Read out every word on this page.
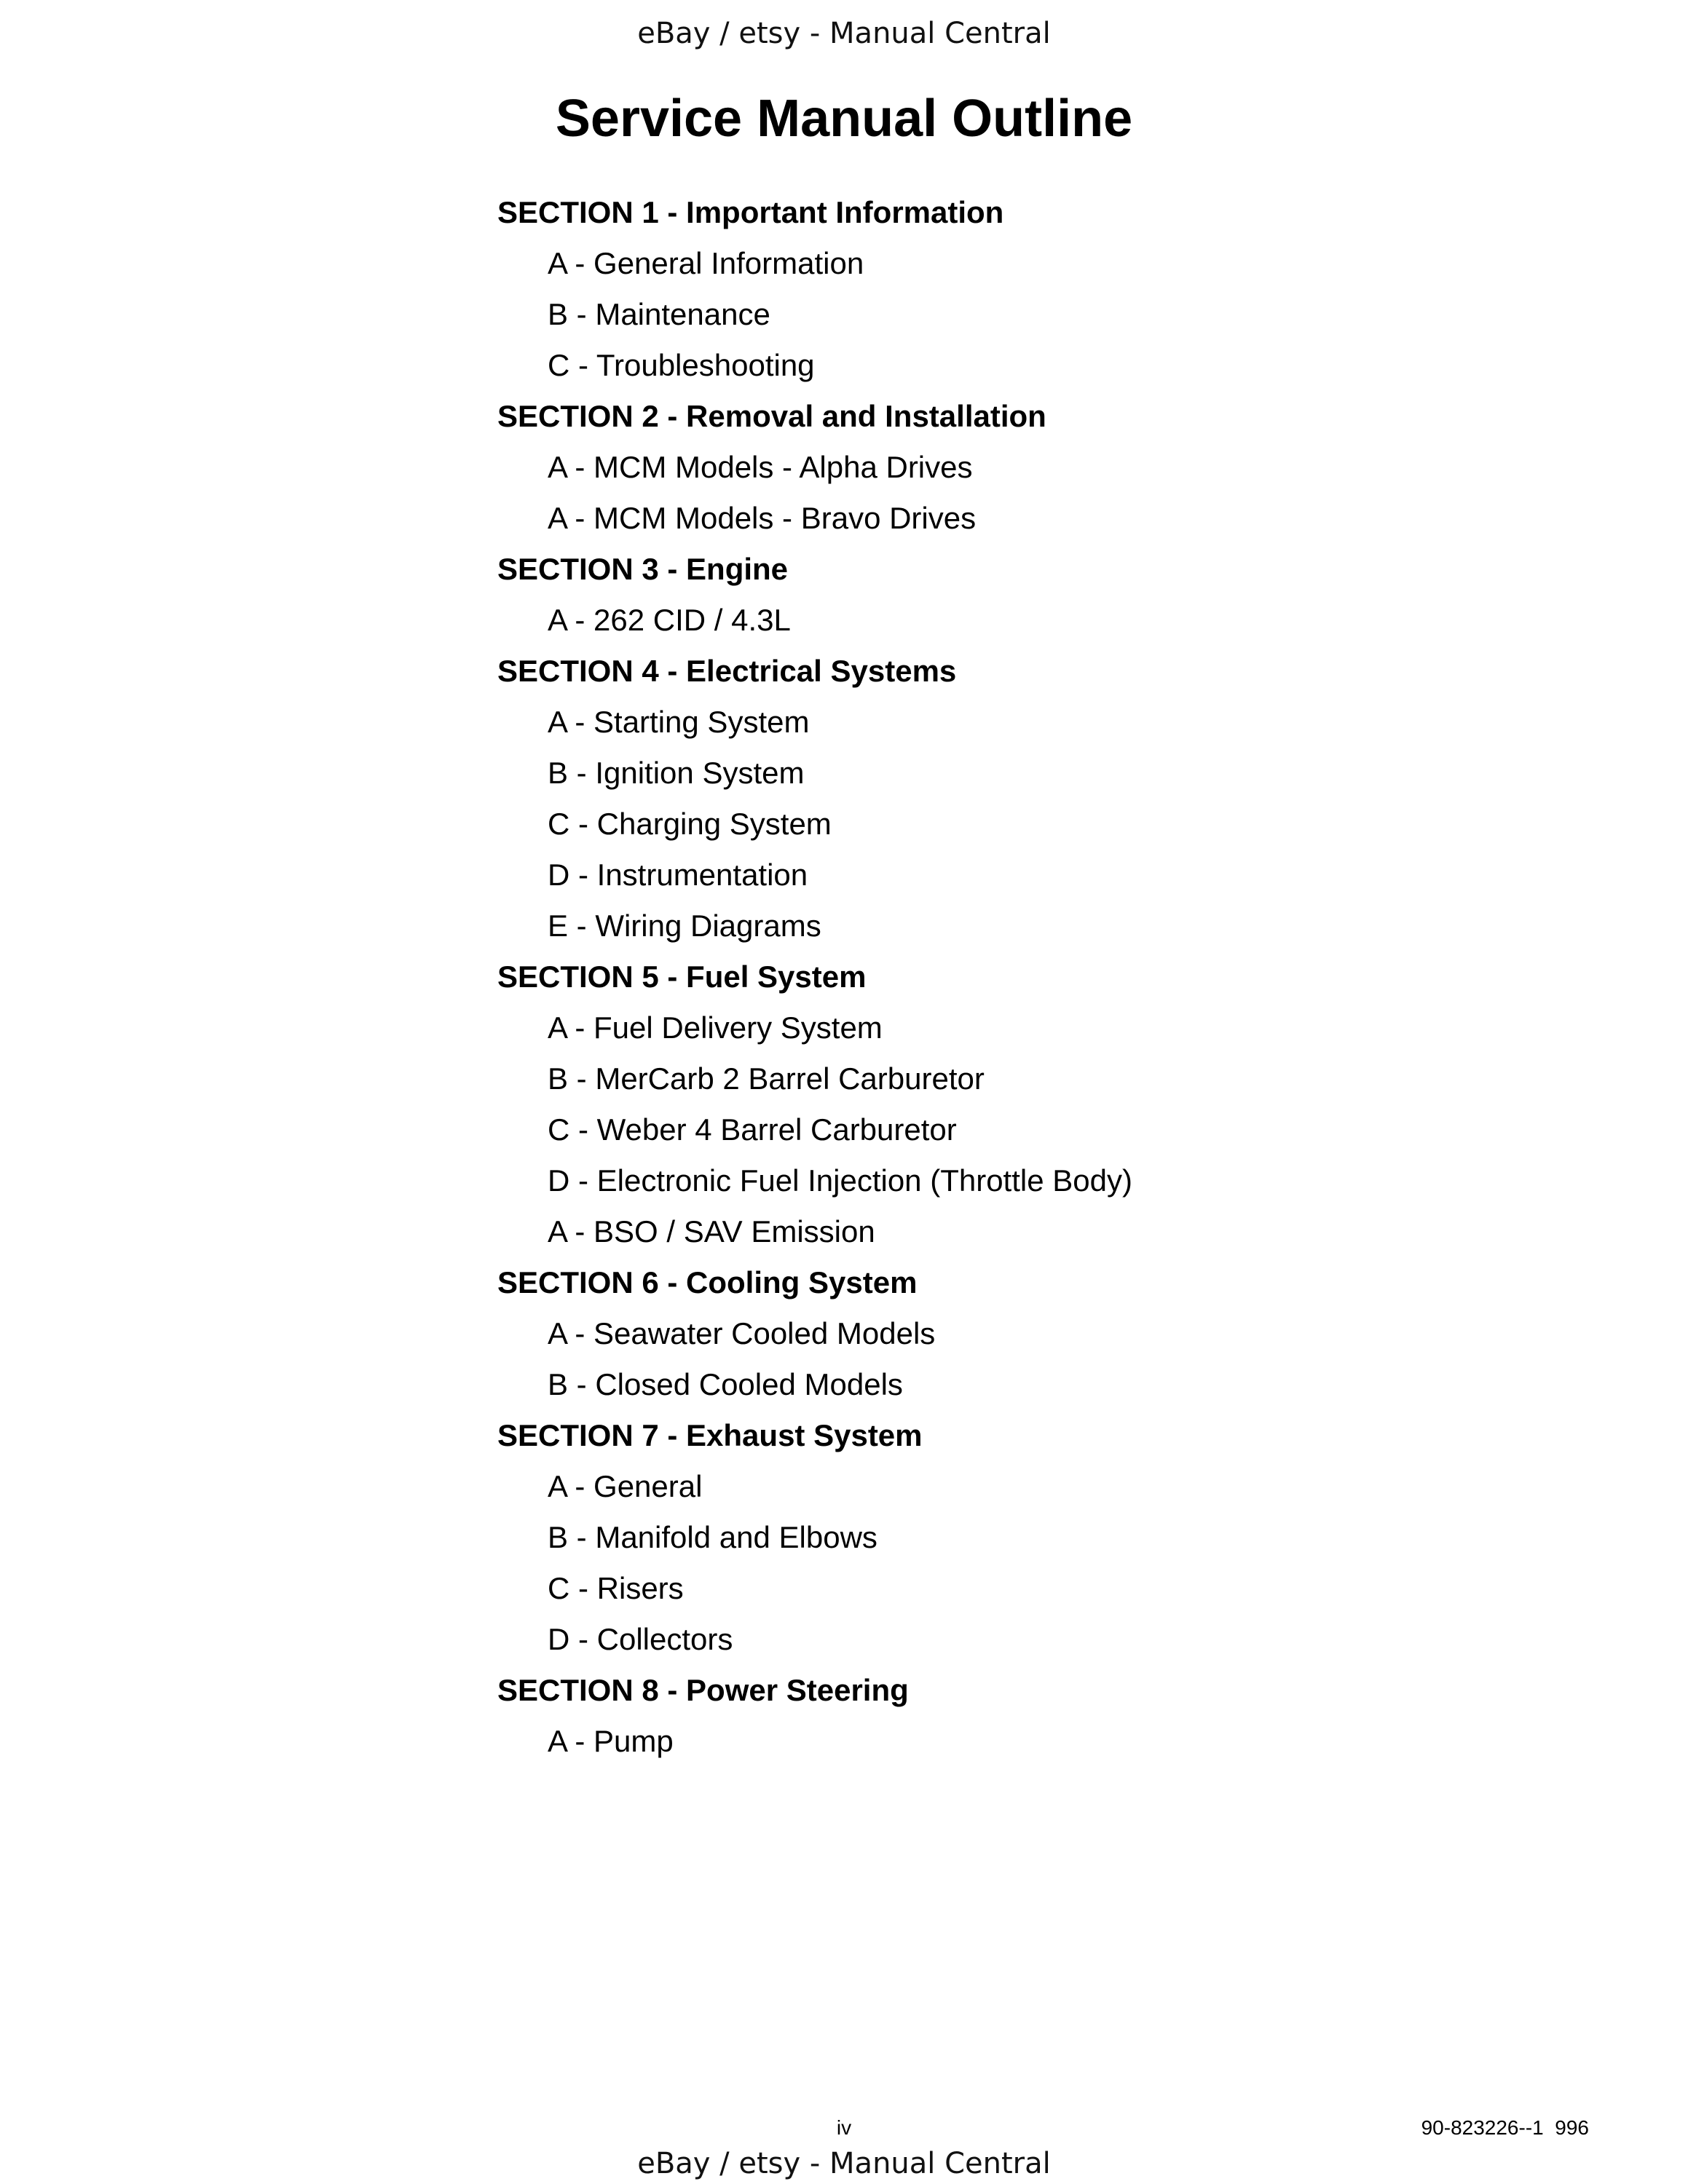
eBay / etsy - Manual Central
Service Manual Outline
SECTION 1 - Important Information
A - General Information
B - Maintenance
C - Troubleshooting
SECTION 2 - Removal and Installation
A - MCM Models - Alpha Drives
A - MCM Models - Bravo Drives
SECTION 3 - Engine
A - 262 CID / 4.3L
SECTION 4 - Electrical Systems
A - Starting System
B - Ignition System
C - Charging System
D - Instrumentation
E - Wiring Diagrams
SECTION 5 - Fuel System
A - Fuel Delivery System
B - MerCarb 2 Barrel Carburetor
C - Weber 4 Barrel Carburetor
D - Electronic Fuel Injection (Throttle Body)
A - BSO / SAV Emission
SECTION 6 - Cooling System
A - Seawater Cooled Models
B - Closed Cooled Models
SECTION 7 - Exhaust System
A - General
B - Manifold and Elbows
C - Risers
D - Collectors
SECTION 8 - Power Steering
A - Pump
iv	90-823226--1  996
eBay / etsy - Manual Central
